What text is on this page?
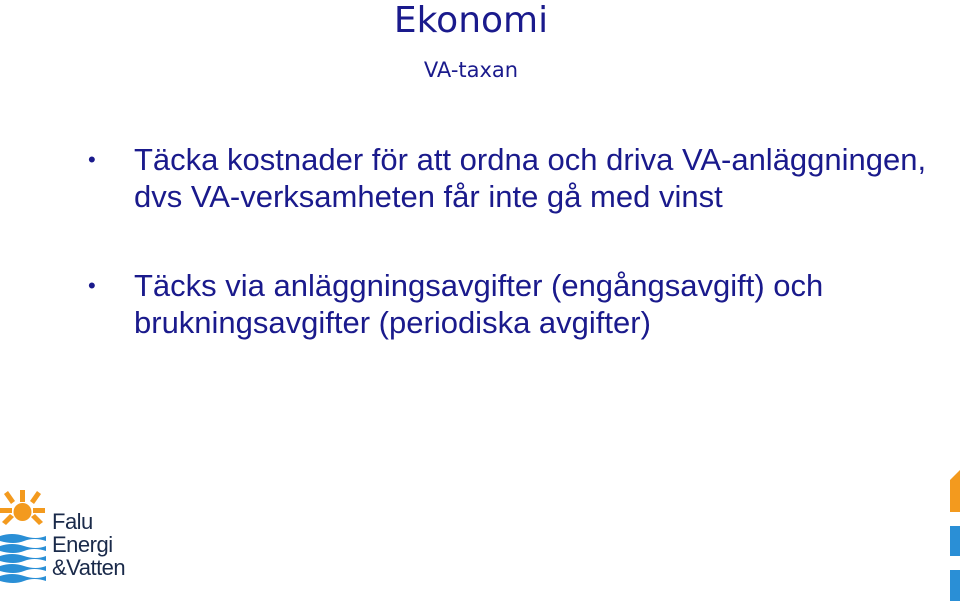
Ekonomi
VA-taxan
• Täcka kostnader för att ordna och driva VA-anläggningen, dvs VA-verksamheten får inte gå med vinst
• Täcks via anläggningsavgifter (engångsavgift) och brukningsavgifter (periodiska avgifter)
Falu
Energi
&Vatten
